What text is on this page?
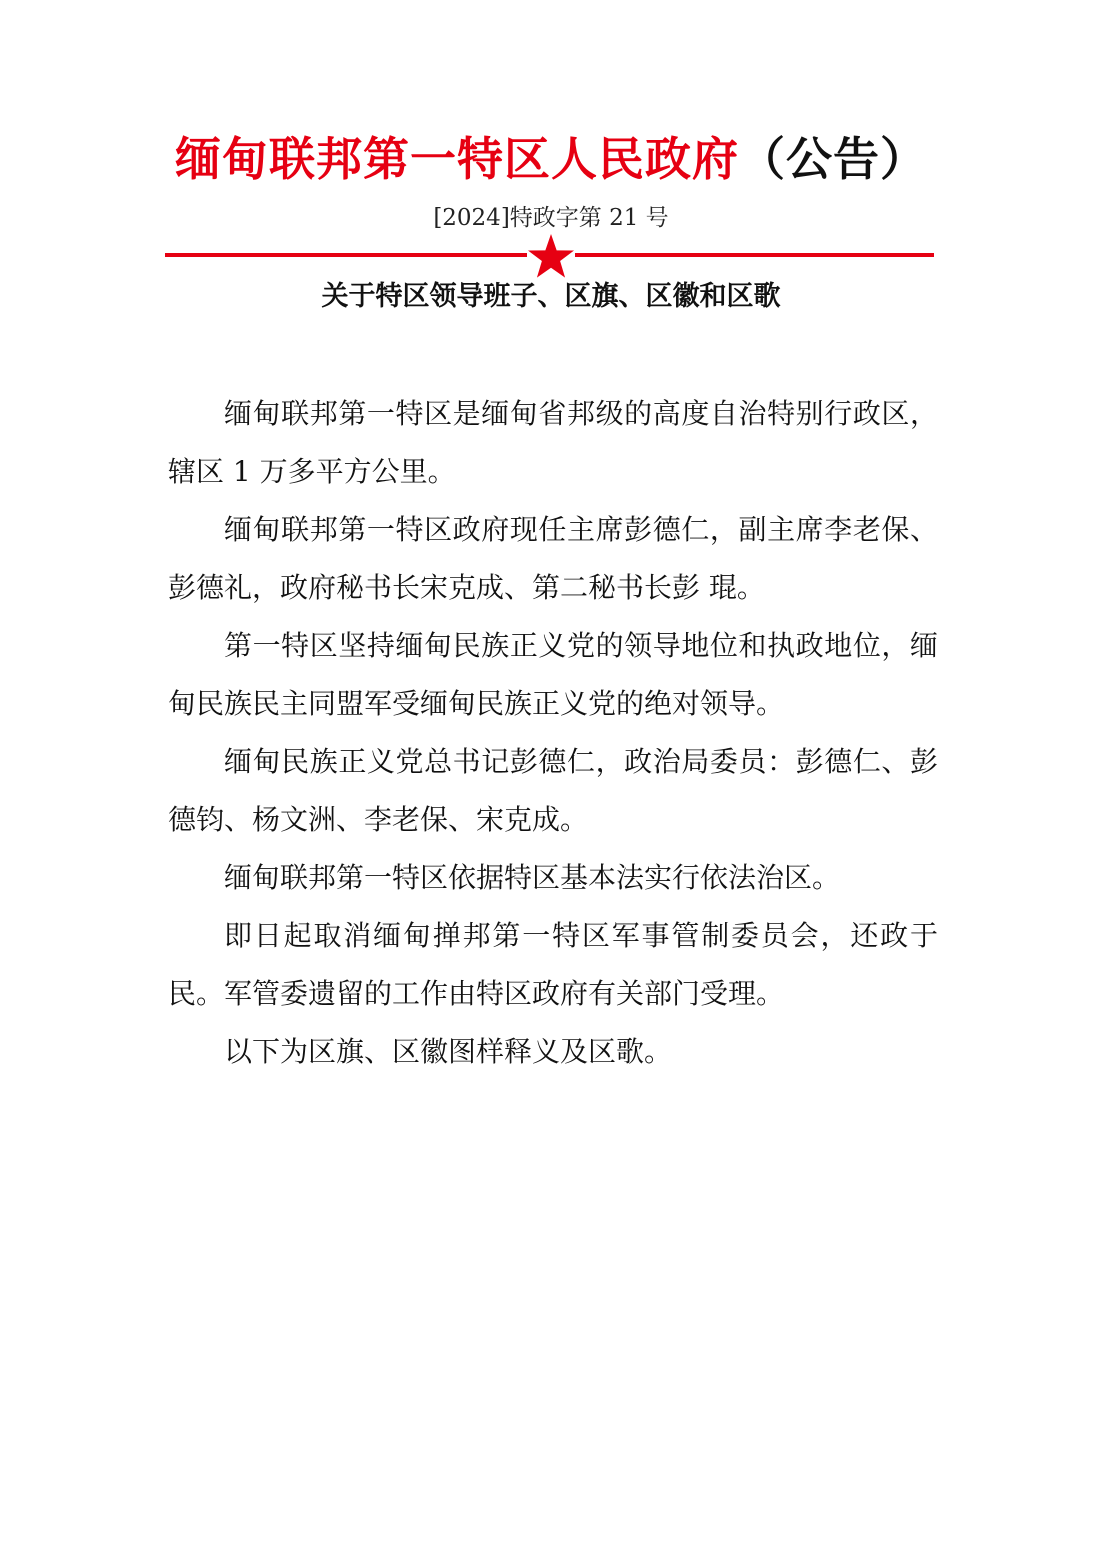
缅甸联邦第一特区人民政府（公告）
[2024]特政字第 21 号
关于特区领导班子、区旗、区徽和区歌

缅甸联邦第一特区是缅甸省邦级的高度自治特别行政区，辖区 1 万多平方公里。

缅甸联邦第一特区政府现任主席彭德仁，副主席李老保、彭德礼，政府秘书长宋克成、第二秘书长彭 琨。

第一特区坚持缅甸民族正义党的领导地位和执政地位，缅甸民族民主同盟军受缅甸民族正义党的绝对领导。

缅甸民族正义党总书记彭德仁，政治局委员：彭德仁、彭德钧、杨文洲、李老保、宋克成。

缅甸联邦第一特区依据特区基本法实行依法治区。

即日起取消缅甸掸邦第一特区军事管制委员会，还政于民。军管委遗留的工作由特区政府有关部门受理。

以下为区旗、区徽图样释义及区歌。
